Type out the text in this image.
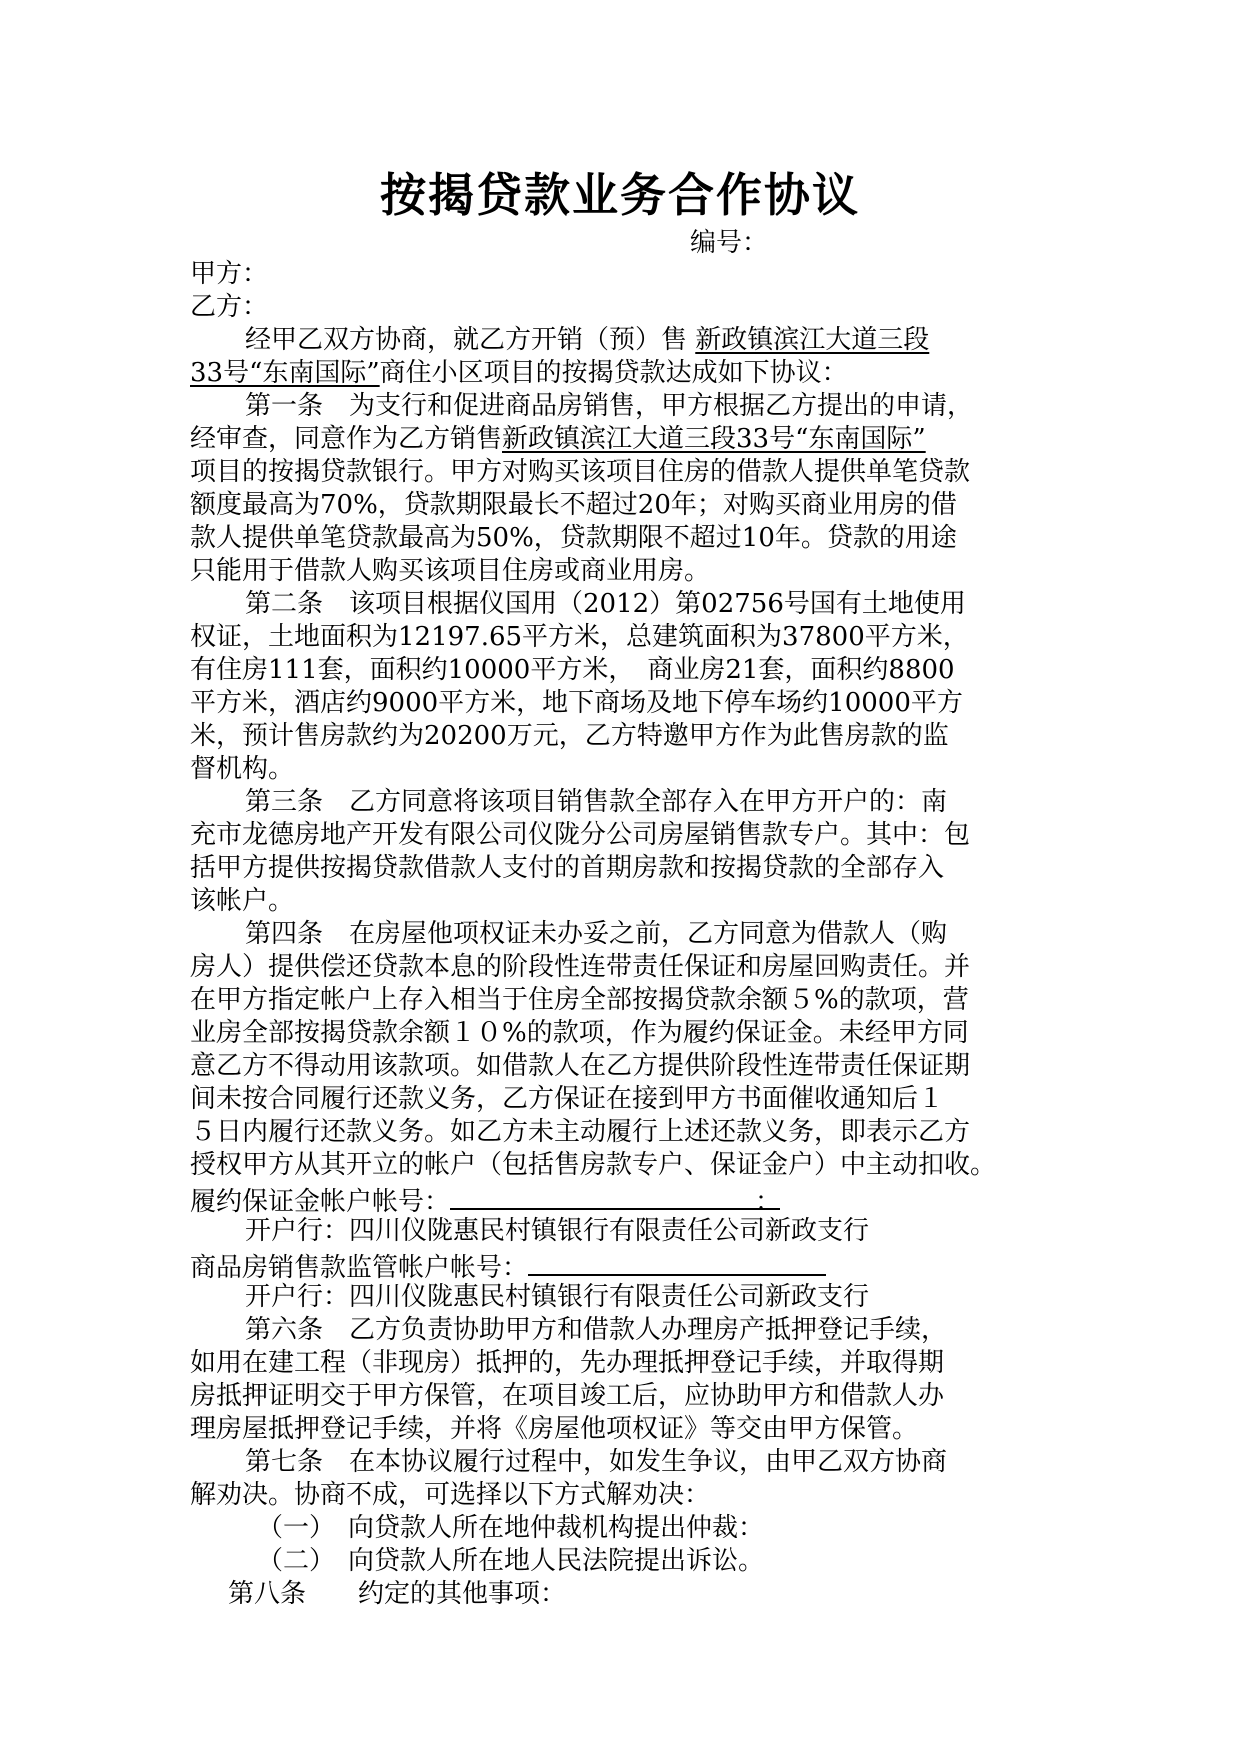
按揭贷款业务合作协议
编号：
甲方：
乙方：
经甲乙双方协商，就乙方开销（预）售 新政镇滨江大道三段
33号“东南国际”商住小区项目的按揭贷款达成如下协议：
第一条　为支行和促进商品房销售，甲方根据乙方提出的申请，
经审查，同意作为乙方销售新政镇滨江大道三段33号“东南国际”
项目的按揭贷款银行。甲方对购买该项目住房的借款人提供单笔贷款
额度最高为70%，贷款期限最长不超过20年；对购买商业用房的借
款人提供单笔贷款最高为50%，贷款期限不超过10年。贷款的用途
只能用于借款人购买该项目住房或商业用房。
第二条　该项目根据仪国用（2012）第02756号国有土地使用
权证，土地面积为12197.65平方米，总建筑面积为37800平方米，
有住房111套，面积约10000平方米，　商业房21套，面积约8800
平方米，酒店约9000平方米，地下商场及地下停车场约10000平方
米，预计售房款约为20200万元，乙方特邀甲方作为此售房款的监
督机构。
第三条　乙方同意将该项目销售款全部存入在甲方开户的：南
充市龙德房地产开发有限公司仪陇分公司房屋销售款专户。其中：包
括甲方提供按揭贷款借款人支付的首期房款和按揭贷款的全部存入
该帐户。
第四条　在房屋他项权证未办妥之前，乙方同意为借款人（购
房人）提供偿还贷款本息的阶段性连带责任保证和房屋回购责任。并
在甲方指定帐户上存入相当于住房全部按揭贷款余额５%的款项，营
业房全部按揭贷款余额１０%的款项，作为履约保证金。未经甲方同
意乙方不得动用该款项。如借款人在乙方提供阶段性连带责任保证期
间未按合同履行还款义务，乙方保证在接到甲方书面催收通知后１
５日内履行还款义务。如乙方未主动履行上述还款义务，即表示乙方
授权甲方从其开立的帐户（包括售房款专户、保证金户）中主动扣收。
履约保证金帐户帐号：	：
开户行：四川仪陇惠民村镇银行有限责任公司新政支行
商品房销售款监管帐户帐号：
开户行：四川仪陇惠民村镇银行有限责任公司新政支行
第六条　乙方负责协助甲方和借款人办理房产抵押登记手续，
如用在建工程（非现房）抵押的，先办理抵押登记手续，并取得期
房抵押证明交于甲方保管，在项目竣工后，应协助甲方和借款人办
理房屋抵押登记手续，并将《房屋他项权证》等交由甲方保管。
第七条　在本协议履行过程中，如发生争议，由甲乙双方协商
解劝决。协商不成，可选择以下方式解劝决：
（一）　向贷款人所在地仲裁机构提出仲裁：
（二）　向贷款人所在地人民法院提出诉讼。
第八条　　约定的其他事项：
